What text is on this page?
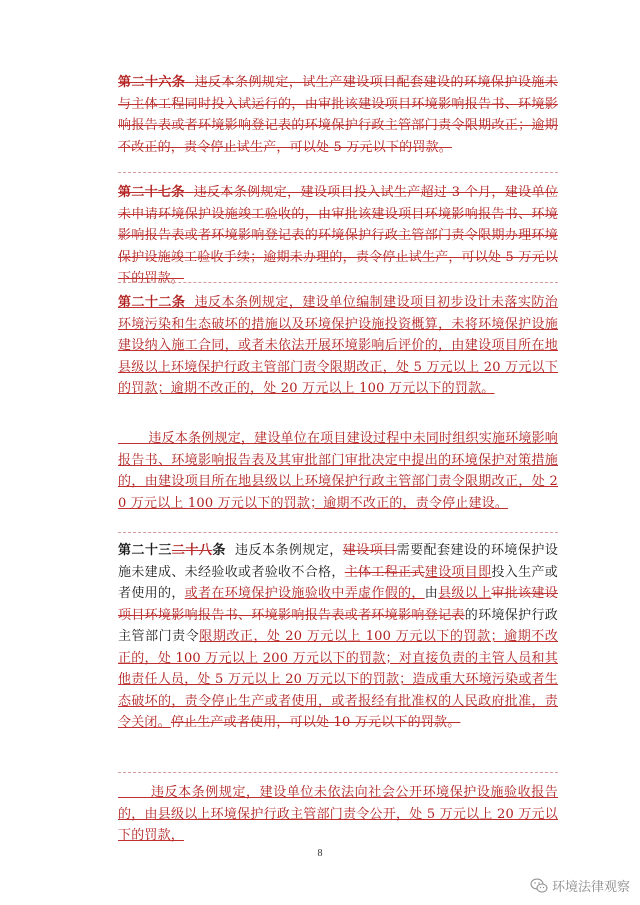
第二十六条 违反本条例规定，试生产建设项目配套建设的环境保护设施未与主体工程同时投入试运行的，由审批该建设项目环境影响报告书、环境影响报告表或者环境影响登记表的环境保护行政主管部门责令限期改正；逾期不改正的，责令停止试生产，可以处 5 万元以下的罚款。
第二十七条 违反本条例规定，建设项目投入试生产超过 3 个月，建设单位未申请环境保护设施竣工验收的，由审批该建设项目环境影响报告书、环境影响报告表或者环境影响登记表的环境保护行政主管部门责令限期办理环境保护设施竣工验收手续；逾期未办理的，责令停止试生产，可以处 5 万元以下的罚款。
第二十二条 违反本条例规定，建设单位编制建设项目初步设计未落实防治环境污染和生态破坏的措施以及环境保护设施投资概算，未将环境保护设施建设纳入施工合同，或者未依法开展环境影响后评价的，由建设项目所在地县级以上环境保护行政主管部门责令限期改正，处 5 万元以上 20 万元以下的罚款；逾期不改正的，处 20 万元以上 100 万元以下的罚款。
违反本条例规定，建设单位在项目建设过程中未同时组织实施环境影响报告书、环境影响报告表及其审批部门审批决定中提出的环境保护对策措施的，由建设项目所在地县级以上环境保护行政主管部门责令限期改正，处 20 万元以上 100 万元以下的罚款；逾期不改正的，责令停止建设。
第二十三二十八条 违反本条例规定，建设项目需要配套建设的环境保护设施未建成、未经验收或者验收不合格，主体工程正式建设项目即投入生产或者使用的，或者在环境保护设施验收中弄虚作假的，由县级以上审批该建设项目环境影响报告书、环境影响报告表或者环境影响登记表的环境保护行政主管部门责令限期改正，处 20 万元以上 100 万元以下的罚款；逾期不改正的，处 100 万元以上 200 万元以下的罚款；对直接负责的主管人员和其他责任人员，处 5 万元以上 20 万元以下的罚款；造成重大环境污染或者生态破坏的，责令停止生产或者使用，或者报经有批准权的人民政府批准，责令关闭。停止生产或者使用，可以处 10 万元以下的罚款。
违反本条例规定，建设单位未依法向社会公开环境保护设施验收报告的，由县级以上环境保护行政主管部门责令公开，处 5 万元以上 20 万元以下的罚款，
8
环境法律观察
